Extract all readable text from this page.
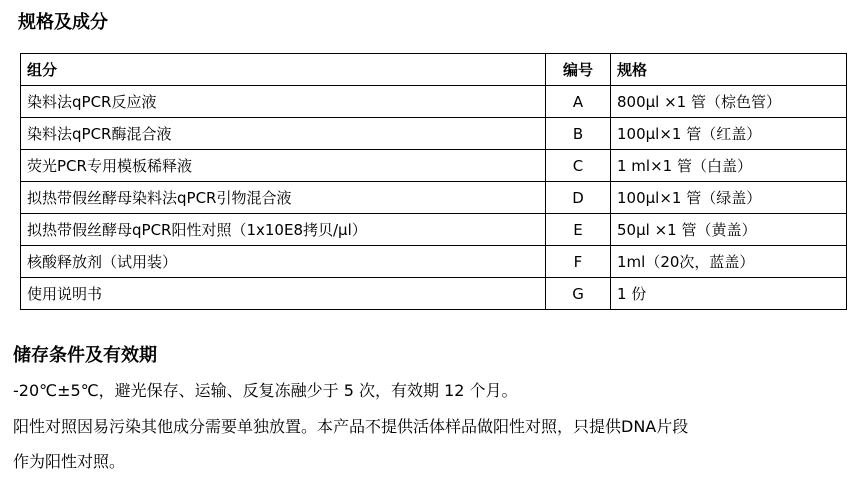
规格及成分
组分	编号	规格
染料法qPCR反应液	A	800μl ×1 管（棕色管）
染料法qPCR酶混合液	B	100μl×1 管（红盖）
荧光PCR专用模板稀释液	C	1 ml×1 管（白盖）
拟热带假丝酵母染料法qPCR引物混合液	D	100μl×1 管（绿盖）
拟热带假丝酵母qPCR阳性对照（1x10E8拷贝/μl）	E	50μl ×1 管（黄盖）
核酸释放剂（试用装）	F	1ml（20次，蓝盖）
使用说明书	G	1 份
储存条件及有效期
-20℃±5℃，避光保存、运输、反复冻融少于 5 次，有效期 12 个月。
阳性对照因易污染其他成分需要单独放置。本产品不提供活体样品做阳性对照，只提供DNA片段
作为阳性对照。
